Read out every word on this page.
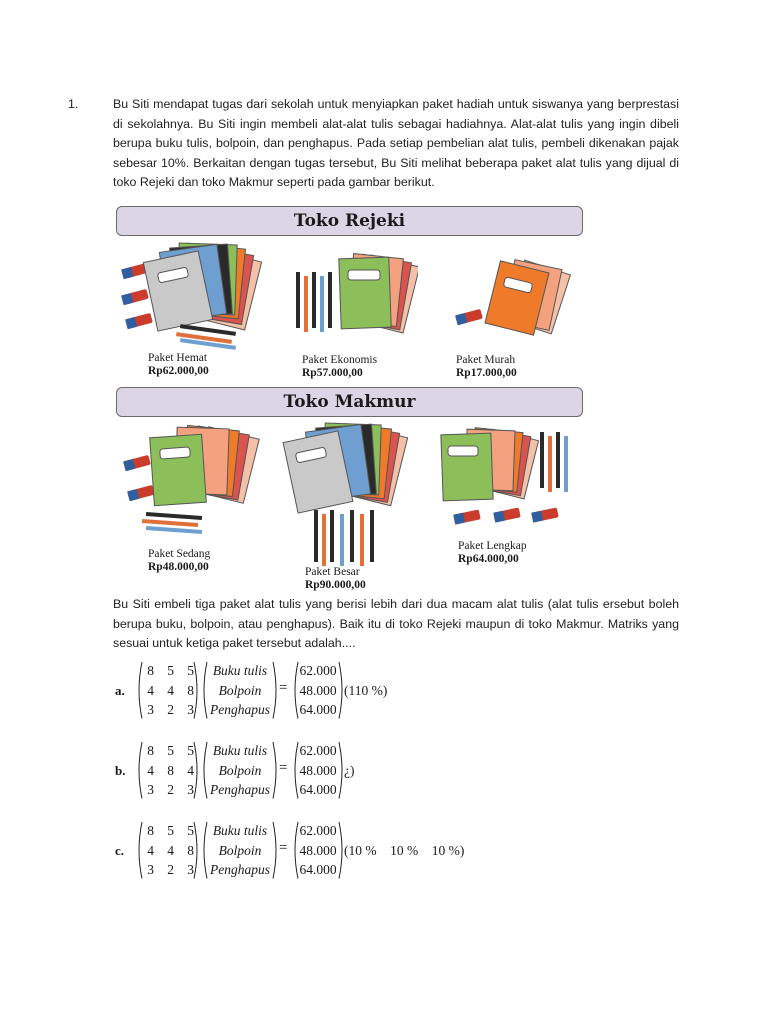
1.	Bu Siti mendapat tugas dari sekolah untuk menyiapkan paket hadiah untuk siswanya yang berprestasi di sekolahnya. Bu Siti ingin membeli alat-alat tulis sebagai hadiahnya. Alat-alat tulis yang ingin dibeli berupa buku tulis, bolpoin, dan penghapus. Pada setiap pembelian alat tulis, pembeli dikenakan pajak sebesar 10%. Berkaitan dengan tugas tersebut, Bu Siti melihat beberapa paket alat tulis yang dijual di toko Rejeki dan toko Makmur seperti pada gambar berikut.
Toko Rejeki
Paket Hemat
Rp62.000,00
Paket Ekonomis
Rp57.000,00
Paket Murah
Rp17.000,00
Toko Makmur
Paket Sedang
Rp48.000,00	Paket Besar
Rp90.000,00
Paket Lengkap
Rp64.000,00
Bu Siti embeli tiga paket alat tulis yang berisi lebih dari dua macam alat tulis (alat tulis ersebut boleh berupa buku, bolpoin, atau penghapus). Baik itu di toko Rejeki maupun di toko Makmur. Matriks yang sesuai untuk ketiga paket tersebut adalah....
a.
8 5 5
4 4 8
3 2 3
Buku tulis
Bolpoin
Penghapus
=
62.000
48.000
64.000
(110 %)
b.
8 5 5
4 8 4
3 2 3
Buku tulis
Bolpoin
Penghapus
=
62.000
48.000
64.000
¿)
c.
8 5 5
4 4 8
3 2 3
Buku tulis
Bolpoin
Penghapus
=
62.000
48.000
64.000
(10 %    10 %    10 %)
